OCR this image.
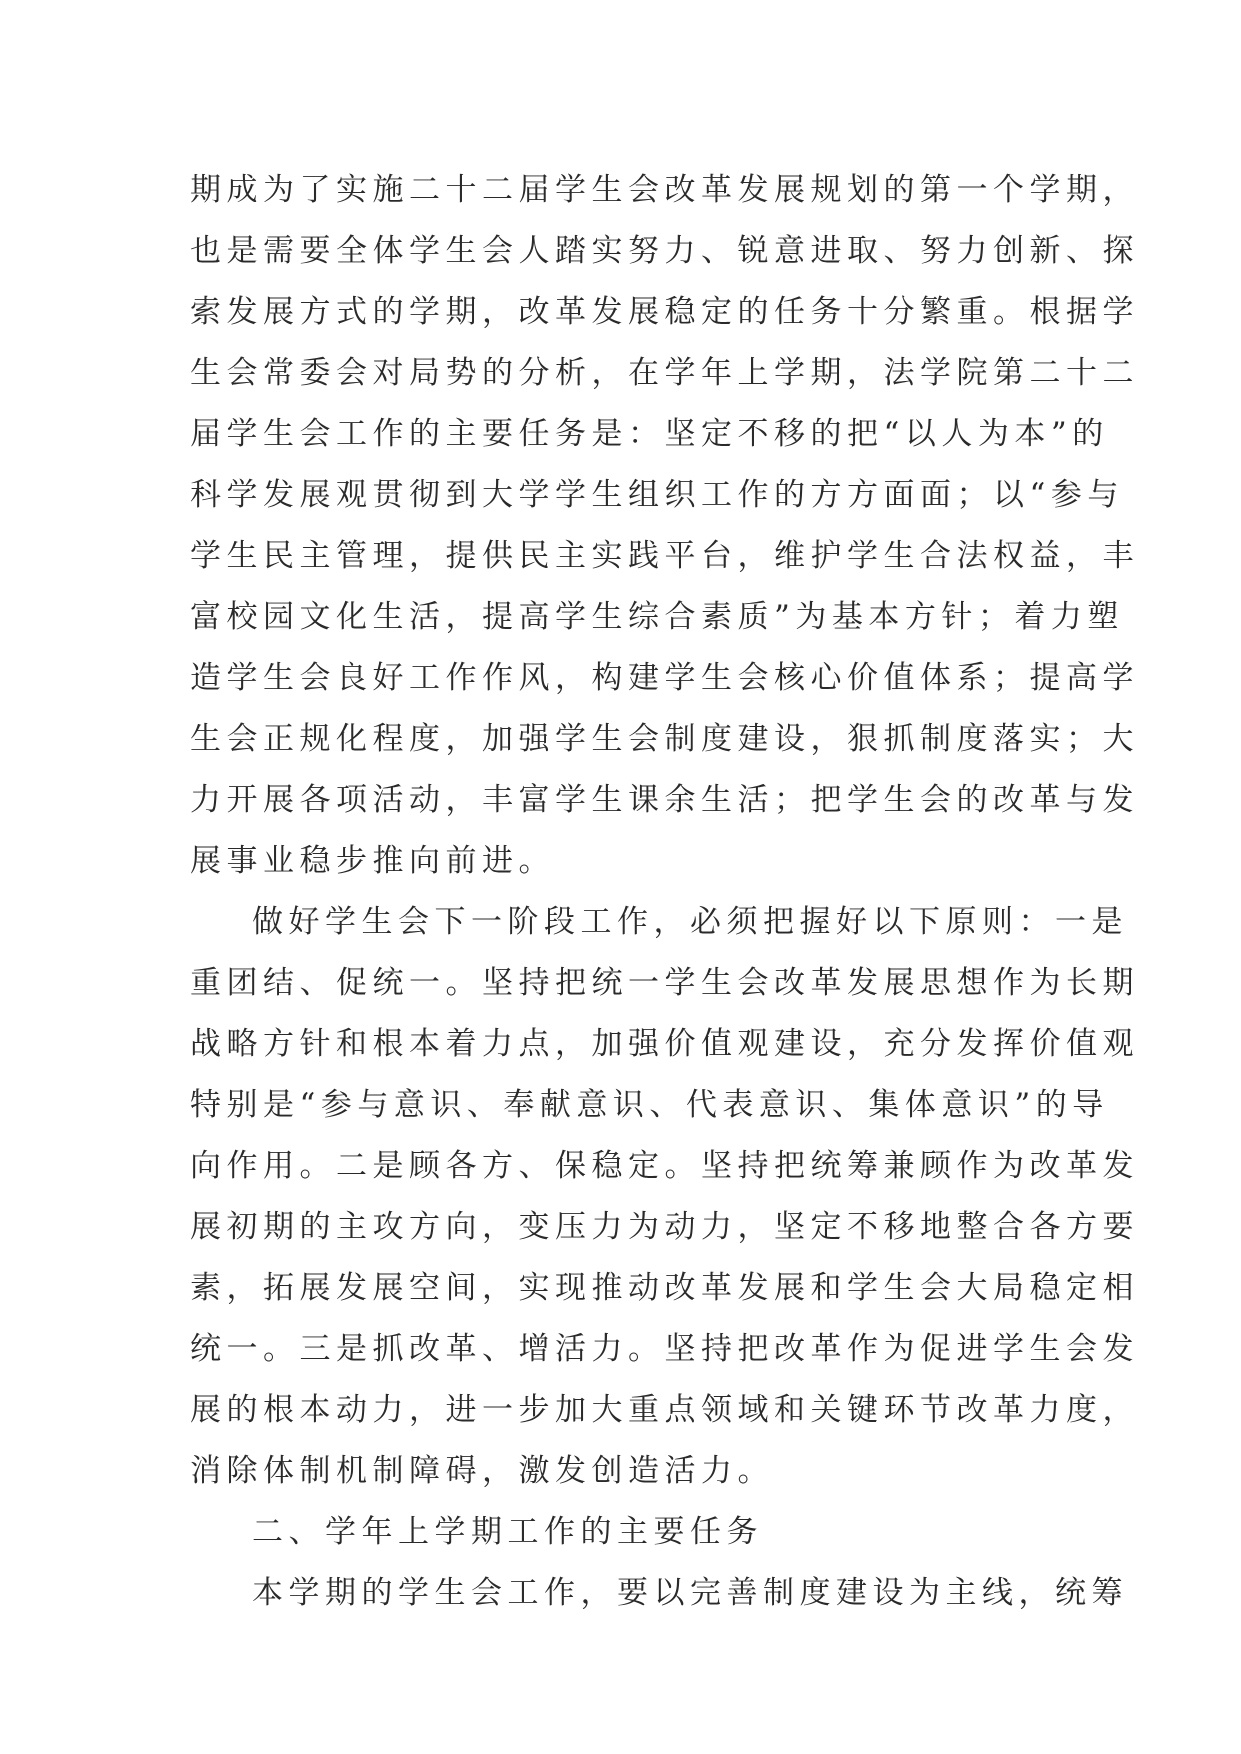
期成为了实施二十二届学生会改革发展规划的第一个学期，
也是需要全体学生会人踏实努力、锐意进取、努力创新、探
索发展方式的学期，改革发展稳定的任务十分繁重。根据学
生会常委会对局势的分析，在学年上学期，法学院第二十二
届学生会工作的主要任务是：坚定不移的把“以人为本”的
科学发展观贯彻到大学学生组织工作的方方面面；以“参与
学生民主管理，提供民主实践平台，维护学生合法权益，丰
富校园文化生活，提高学生综合素质”为基本方针；着力塑
造学生会良好工作作风，构建学生会核心价值体系；提高学
生会正规化程度，加强学生会制度建设，狠抓制度落实；大
力开展各项活动，丰富学生课余生活；把学生会的改革与发
展事业稳步推向前进。

做好学生会下一阶段工作，必须把握好以下原则：一是
重团结、促统一。坚持把统一学生会改革发展思想作为长期
战略方针和根本着力点，加强价值观建设，充分发挥价值观
特别是“参与意识、奉献意识、代表意识、集体意识”的导
向作用。二是顾各方、保稳定。坚持把统筹兼顾作为改革发
展初期的主攻方向，变压力为动力，坚定不移地整合各方要
素，拓展发展空间，实现推动改革发展和学生会大局稳定相
统一。三是抓改革、增活力。坚持把改革作为促进学生会发
展的根本动力，进一步加大重点领域和关键环节改革力度，
消除体制机制障碍，激发创造活力。

二、学年上学期工作的主要任务

本学期的学生会工作，要以完善制度建设为主线，统筹
